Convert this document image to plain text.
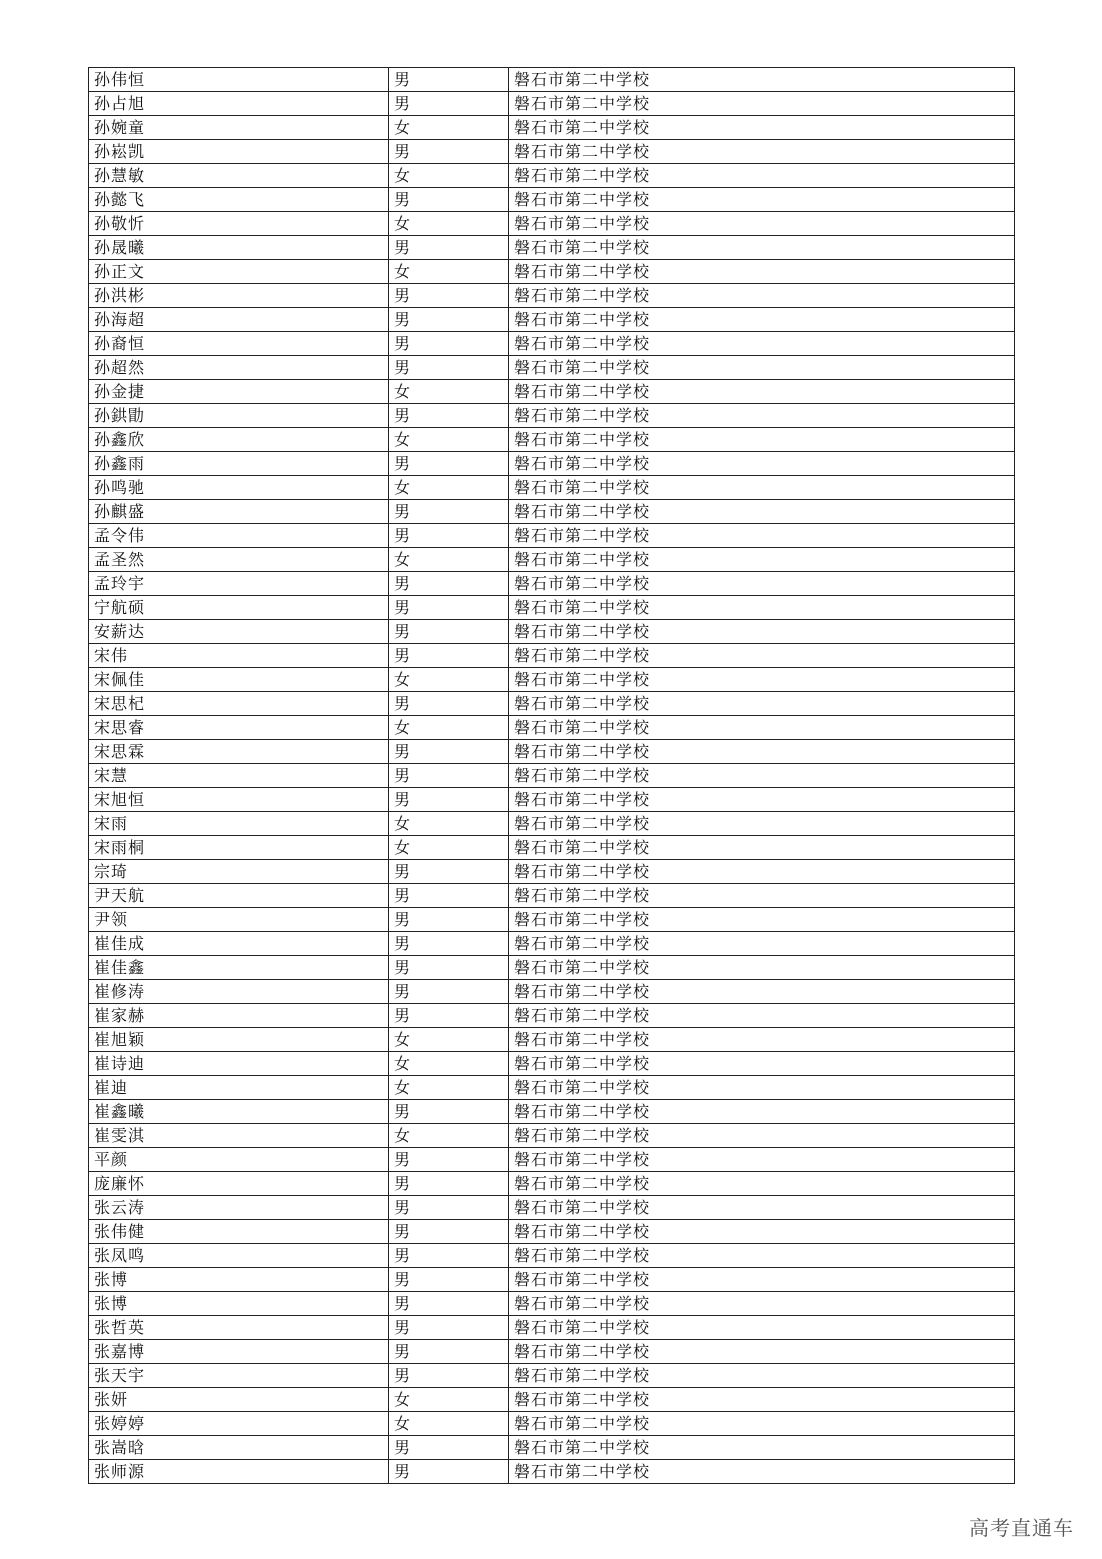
孙伟恒	男	磐石市第二中学校
孙占旭	男	磐石市第二中学校
孙婉童	女	磐石市第二中学校
孙崧凯	男	磐石市第二中学校
孙慧敏	女	磐石市第二中学校
孙懿飞	男	磐石市第二中学校
孙敬忻	女	磐石市第二中学校
孙晟曦	男	磐石市第二中学校
孙正文	女	磐石市第二中学校
孙洪彬	男	磐石市第二中学校
孙海超	男	磐石市第二中学校
孙裔恒	男	磐石市第二中学校
孙超然	男	磐石市第二中学校
孙金捷	女	磐石市第二中学校
孙鉷勖	男	磐石市第二中学校
孙鑫欣	女	磐石市第二中学校
孙鑫雨	男	磐石市第二中学校
孙鸣驰	女	磐石市第二中学校
孙麒盛	男	磐石市第二中学校
孟令伟	男	磐石市第二中学校
孟圣然	女	磐石市第二中学校
孟玲宇	男	磐石市第二中学校
宁航硕	男	磐石市第二中学校
安薪达	男	磐石市第二中学校
宋伟	男	磐石市第二中学校
宋佩佳	女	磐石市第二中学校
宋思杞	男	磐石市第二中学校
宋思睿	女	磐石市第二中学校
宋思霖	男	磐石市第二中学校
宋慧	男	磐石市第二中学校
宋旭恒	男	磐石市第二中学校
宋雨	女	磐石市第二中学校
宋雨桐	女	磐石市第二中学校
宗琦	男	磐石市第二中学校
尹天航	男	磐石市第二中学校
尹领	男	磐石市第二中学校
崔佳成	男	磐石市第二中学校
崔佳鑫	男	磐石市第二中学校
崔修涛	男	磐石市第二中学校
崔家赫	男	磐石市第二中学校
崔旭颖	女	磐石市第二中学校
崔诗迪	女	磐石市第二中学校
崔迪	女	磐石市第二中学校
崔鑫曦	男	磐石市第二中学校
崔雯淇	女	磐石市第二中学校
平颜	男	磐石市第二中学校
庞廉怀	男	磐石市第二中学校
张云涛	男	磐石市第二中学校
张伟健	男	磐石市第二中学校
张凤鸣	男	磐石市第二中学校
张博	男	磐石市第二中学校
张博	男	磐石市第二中学校
张哲英	男	磐石市第二中学校
张嘉博	男	磐石市第二中学校
张天宇	男	磐石市第二中学校
张妍	女	磐石市第二中学校
张婷婷	女	磐石市第二中学校
张嵩晗	男	磐石市第二中学校
张师源	男	磐石市第二中学校
高考直通车
